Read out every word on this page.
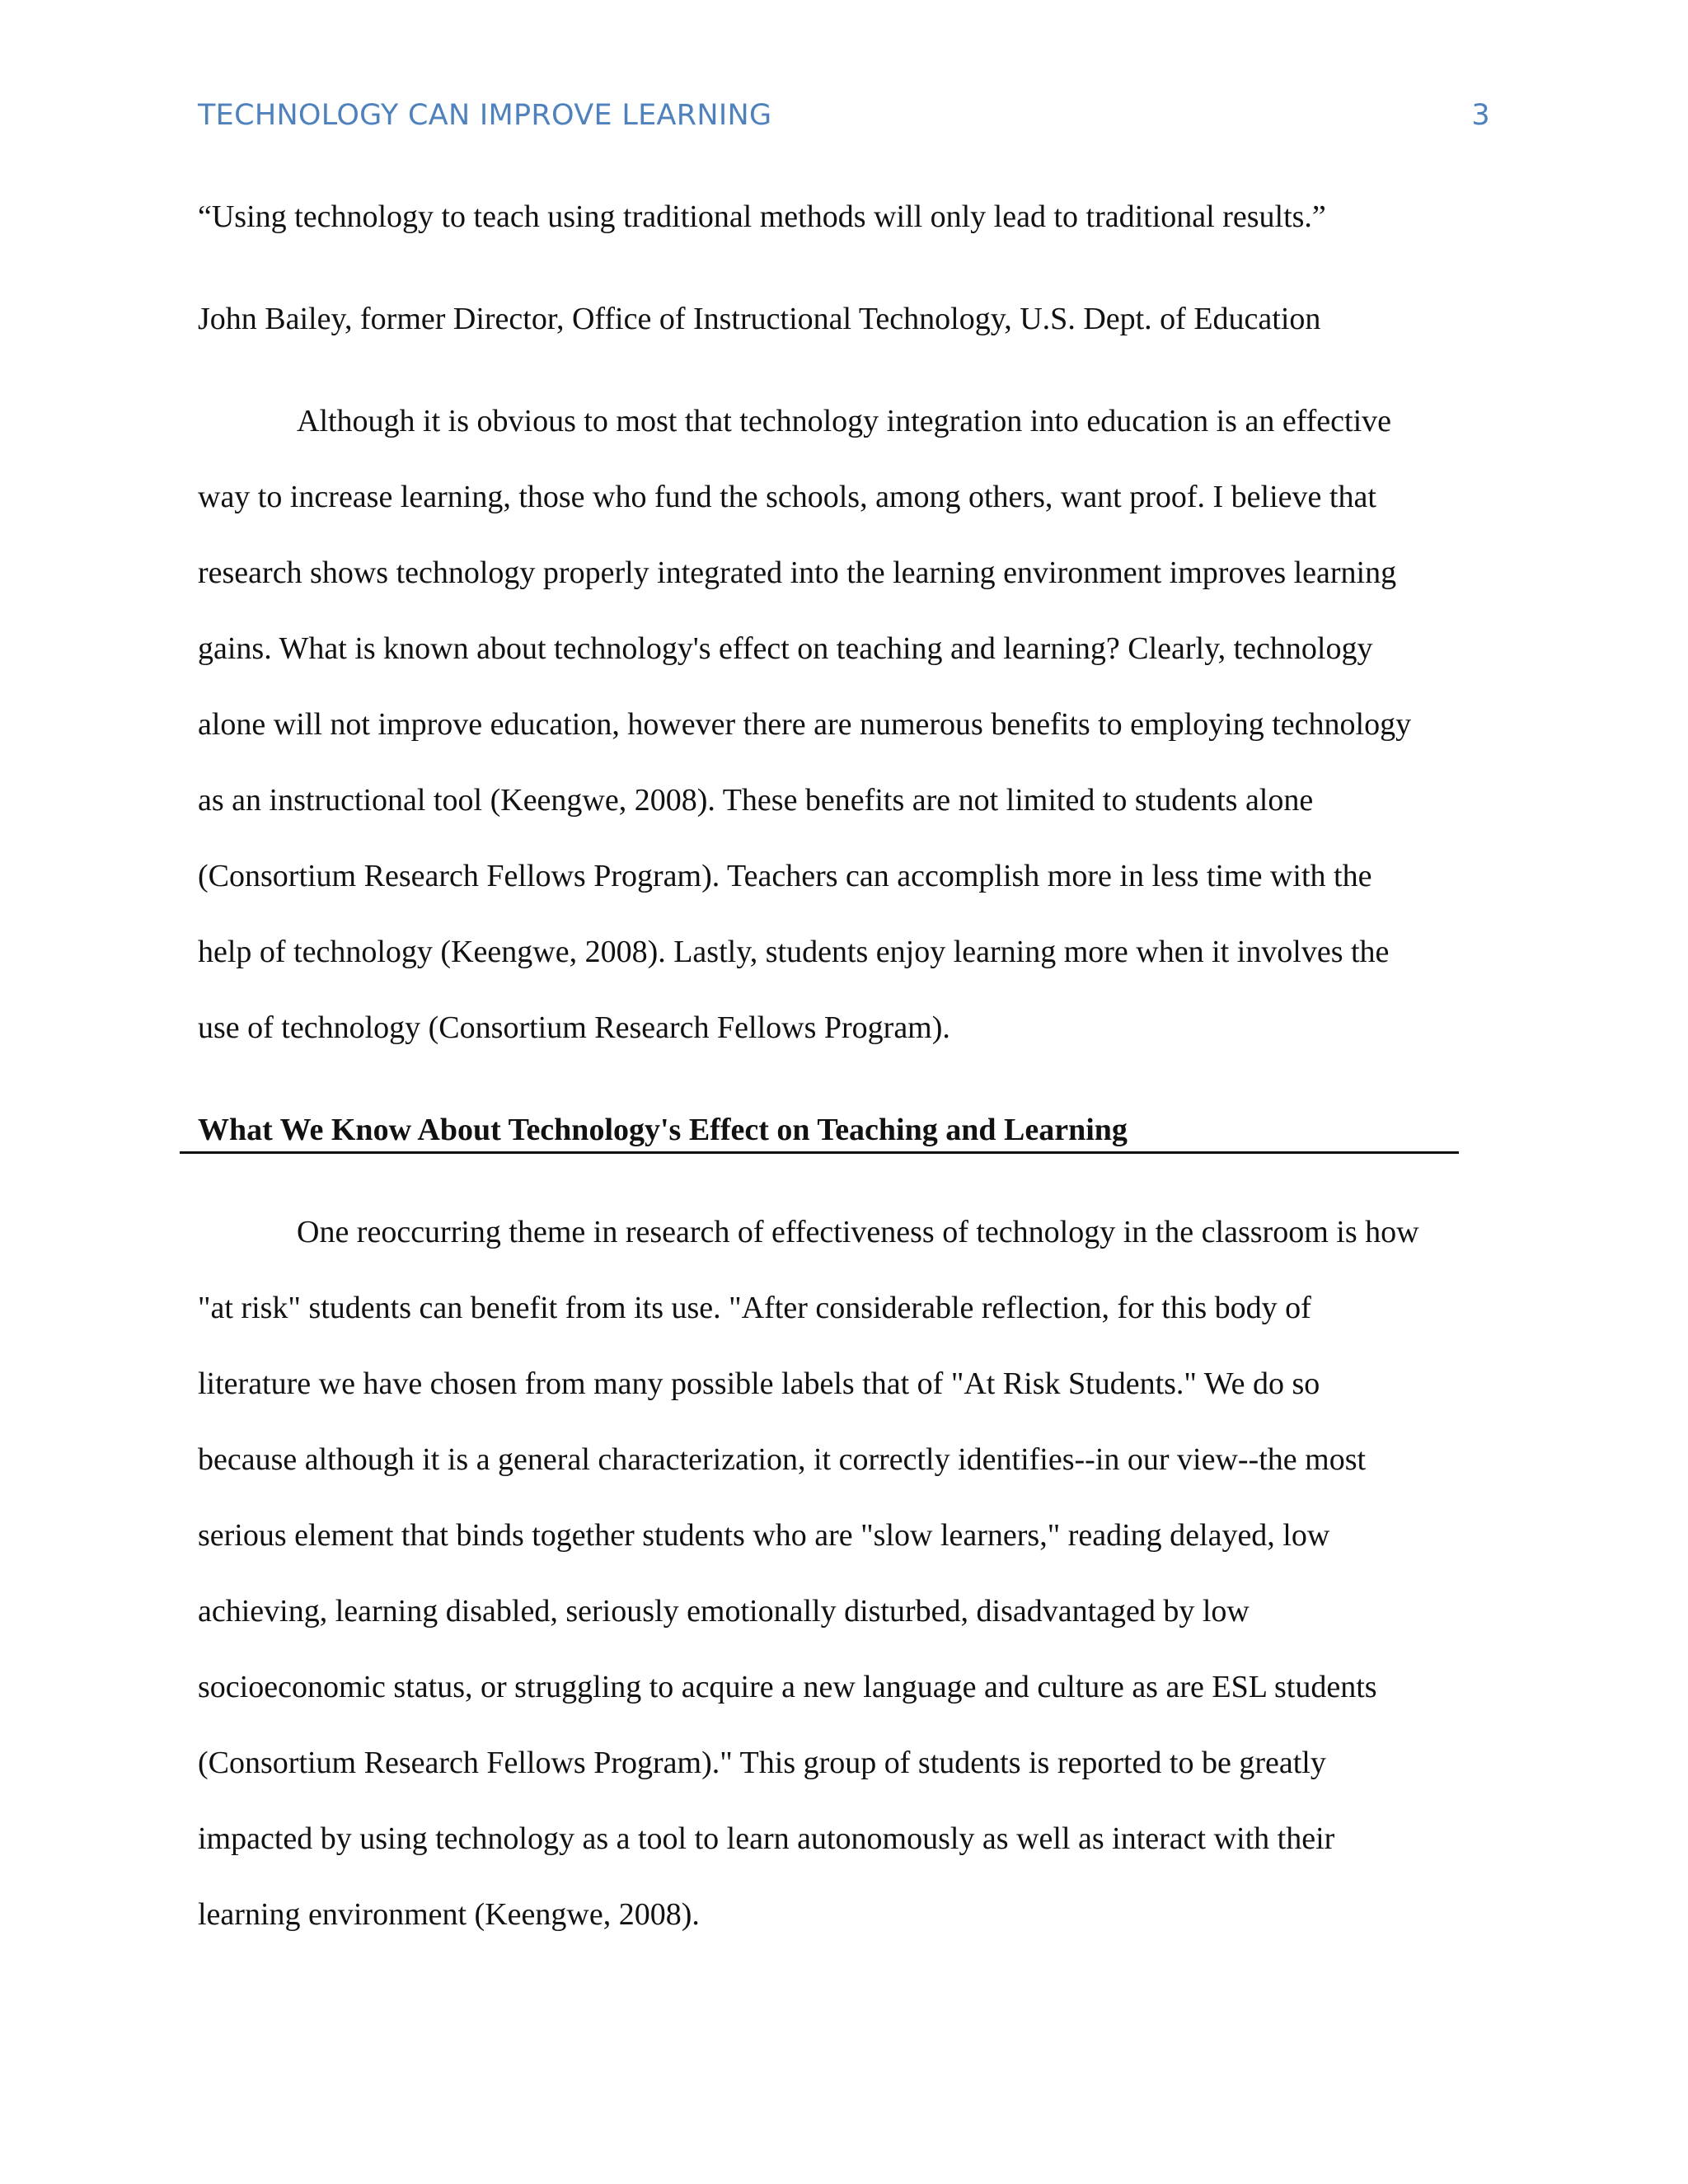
TECHNOLOGY CAN IMPROVE LEARNING	3
“Using technology to teach using traditional methods will only lead to traditional results.”
John Bailey, former Director, Office of Instructional Technology, U.S. Dept. of Education
Although it is obvious to most that technology integration into education is an effective
way to increase learning, those who fund the schools, among others, want proof. I believe that
research shows technology properly integrated into the learning environment improves learning
gains. What is known about technology's effect on teaching and learning? Clearly, technology
alone will not improve education, however there are numerous benefits to employing technology
as an instructional tool (Keengwe, 2008). These benefits are not limited to students alone
(Consortium Research Fellows Program). Teachers can accomplish more in less time with the
help of technology (Keengwe, 2008). Lastly, students enjoy learning more when it involves the
use of technology (Consortium Research Fellows Program).
What We Know About Technology's Effect on Teaching and Learning
One reoccurring theme in research of effectiveness of technology in the classroom is how
"at risk" students can benefit from its use. "After considerable reflection, for this body of
literature we have chosen from many possible labels that of "At Risk Students." We do so
because although it is a general characterization, it correctly identifies--in our view--the most
serious element that binds together students who are "slow learners," reading delayed, low
achieving, learning disabled, seriously emotionally disturbed, disadvantaged by low
socioeconomic status, or struggling to acquire a new language and culture as are ESL students
(Consortium Research Fellows Program)." This group of students is reported to be greatly
impacted by using technology as a tool to learn autonomously as well as interact with their
learning environment (Keengwe, 2008).
